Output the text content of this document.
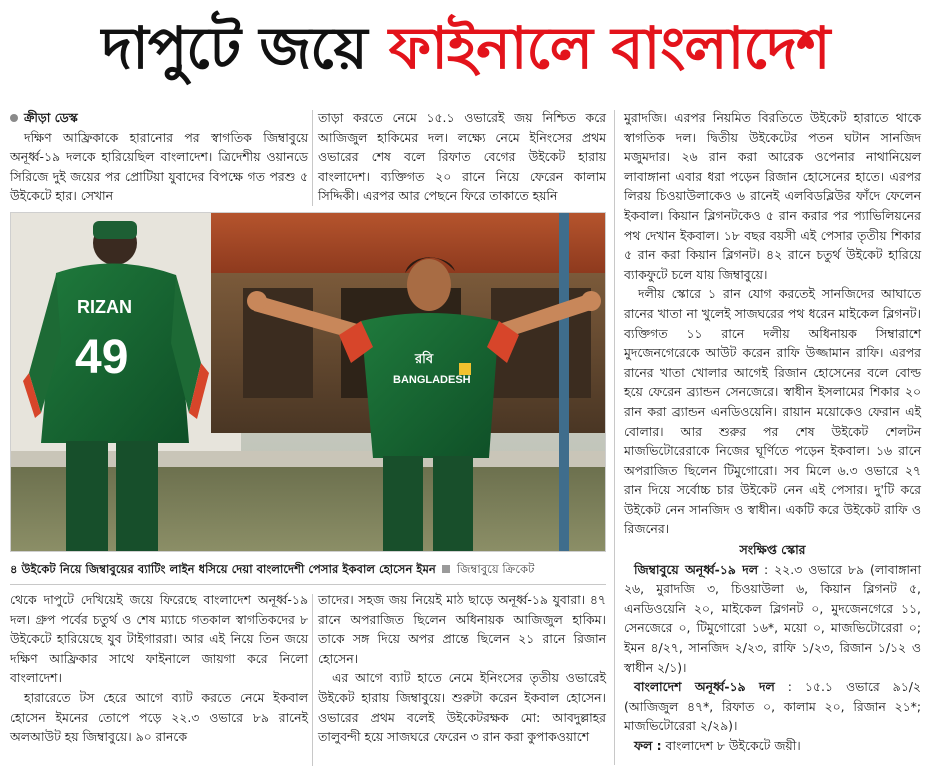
দাপুটে জয়ে ফাইনালে বাংলাদেশ
ক্রীড়া ডেস্ক

দক্ষিণ আফ্রিকাকে হারানোর পর স্বাগতিক জিম্বাবুয়ে অনূর্ধ্ব-১৯ দলকে হারিয়েছিল বাংলাদেশ। ত্রিদেশীয় ওয়ানডে সিরিজে দুই জয়ের পর প্রোটিয়া যুবাদের বিপক্ষে গত পরশু ৫ উইকেটে হার। সেখান

তাড়া করতে নেমে ১৫.১ ওভারেই জয় নিশ্চিত করে আজিজুল হাকিমের দল। লক্ষ্যে নেমে ইনিংসের প্রথম ওভারের শেষ বলে রিফাত বেগের উইকেট হারায় বাংলাদেশ। ব্যক্তিগত ২০ রানে নিয়ে ফেরেন কালাম সিদ্দিকী। এরপর আর পেছনে ফিরে তাকাতে হয়নি

মুরাদজি। এরপর নিয়মিত বিরতিতে উইকেট হারাতে থাকে স্বাগতিক দল। দ্বিতীয় উইকেটের পতন ঘটান সানজিদ মজুমদার। ২৬ রান করা আরেক ওপেনার নাথানিয়েল লাবাঙ্গানা এবার ধরা পড়েন রিজান হোসেনের হাতে। এরপর লিরয় চিওয়াউলাকেও ৬ রানেই এলবিডব্লিউর ফাঁদে ফেলেন ইকবাল। কিয়ান ব্লিগনটকেও ৫ রান করার পর প্যাভিলিয়নের পথ দেখান ইকবাল। ১৮ বছর বয়সী এই পেসার তৃতীয় শিকার ৫ রান করা কিয়ান ব্লিগনট। ৪২ রানে চতুর্থ উইকেট হারিয়ে ব্যাকফুটে চলে যায় জিম্বাবুয়ে।

দলীয় স্কোরে ১ রান যোগ করতেই সানজিদের আঘাতে রানের খাতা না খুলেই সাজঘরের পথ ধরেন মাইকেল ব্লিগনট। ব্যক্তিগত ১১ রানে দলীয় অধিনায়ক সিম্বারাশে মুদজেনগেরেকে আউট করেন রাফি উজ্জামান রাফি। এরপর রানের খাতা খোলার আগেই রিজান হোসেনের বলে বোল্ড হয়ে ফেরেন ব্র্যান্ডন সেনজেরে। স্বাধীন ইসলামের শিকার ২০ রান করা ব্র্যান্ডন এনডিওয়েনি। রায়ান ময়োকেও ফেরান এই বোলার। আর শুরুর পর শেষ উইকেট শেলটন মাজভিটোরেরাকে নিজের ঘূর্ণিতে পড়েন ইকবাল। ১৬ রানে অপরাজিত ছিলেন টিমুগোরো। সব মিলে ৬.৩ ওভারে ২৭ রান দিয়ে সর্বোচ্চ চার উইকেট নেন এই পেসার। দু'টি করে উইকেট নেন সানজিদ ও স্বাধীন। একটি করে উইকেট রাফি ও রিজনের।

সংক্ষিপ্ত স্কোর

জিম্বাবুয়ে অনূর্ধ্ব-১৯ দল : ২২.৩ ওভারে ৮৯ (লাবাঙ্গানা ২৬, মুরাদজি ৩, চিওয়াউলা ৬, কিয়ান ব্লিগনট ৫, এনডিওয়েনি ২০, মাইকেল ব্লিগনট ০, মুদজেনগেরে ১১, সেনজেরে ০, টিমুগোরো ১৬*, ময়ো ০, মাজভিটোরেরা ০; ইমন ৪/২৭, সানজিদ ২/২৩, রাফি ১/২৩, রিজান ১/১২ ও স্বাধীন ২/১)।

বাংলাদেশ অনূর্ধ্ব-১৯ দল : ১৫.১ ওভারে ৯১/২ (আজিজুল ৪৭*, রিফাত ০, কালাম ২০, রিজান ২১*; মাজভিটোরেরা ২/২৯)।

ফল : বাংলাদেশ ৮ উইকেটে জয়ী।

RIZAN
49	রবি
BANGLADESH
৪ উইকেট নিয়ে জিম্বাবুয়ের ব্যাটিং লাইন ধসিয়ে দেয়া বাংলাদেশী পেসার ইকবাল হোসেন ইমন জিম্বাবুয়ে ক্রিকেট

থেকে দাপুটে দেখিয়েই জয়ে ফিরেছে বাংলাদেশ অনূর্ধ্ব-১৯ দল। গ্রুপ পর্বের চতুর্থ ও শেষ ম্যাচে গতকাল স্বাগতিকদের ৮ উইকেটে হারিয়েছে যুব টাইগাররা। আর এই নিয়ে তিন জয়ে দক্ষিণ আফ্রিকার সাথে ফাইনালে জায়গা করে নিলো বাংলাদেশ।

হারারেতে টস হেরে আগে ব্যাট করতে নেমে ইকবাল হোসেন ইমনের তোপে পড়ে ২২.৩ ওভারে ৮৯ রানেই অলআউট হয় জিম্বাবুয়ে। ৯০ রানকে

তাদের। সহজ জয় নিয়েই মাঠ ছাড়ে অনূর্ধ্ব-১৯ যুবারা। ৪৭ রানে অপরাজিত ছিলেন অধিনায়ক আজিজুল হাকিম। তাকে সঙ্গ দিয়ে অপর প্রান্তে ছিলেন ২১ রানে রিজান হোসেন।

এর আগে ব্যাট হাতে নেমে ইনিংসের তৃতীয় ওভারেই উইকেট হারায় জিম্বাবুয়ে। শুরুটা করেন ইকবাল হোসেন। ওভারের প্রথম বলেই উইকেটরক্ষক মো: আবদুল্লাহর তালুবন্দী হয়ে সাজঘরে ফেরেন ৩ রান করা কুপাকওয়াশে
